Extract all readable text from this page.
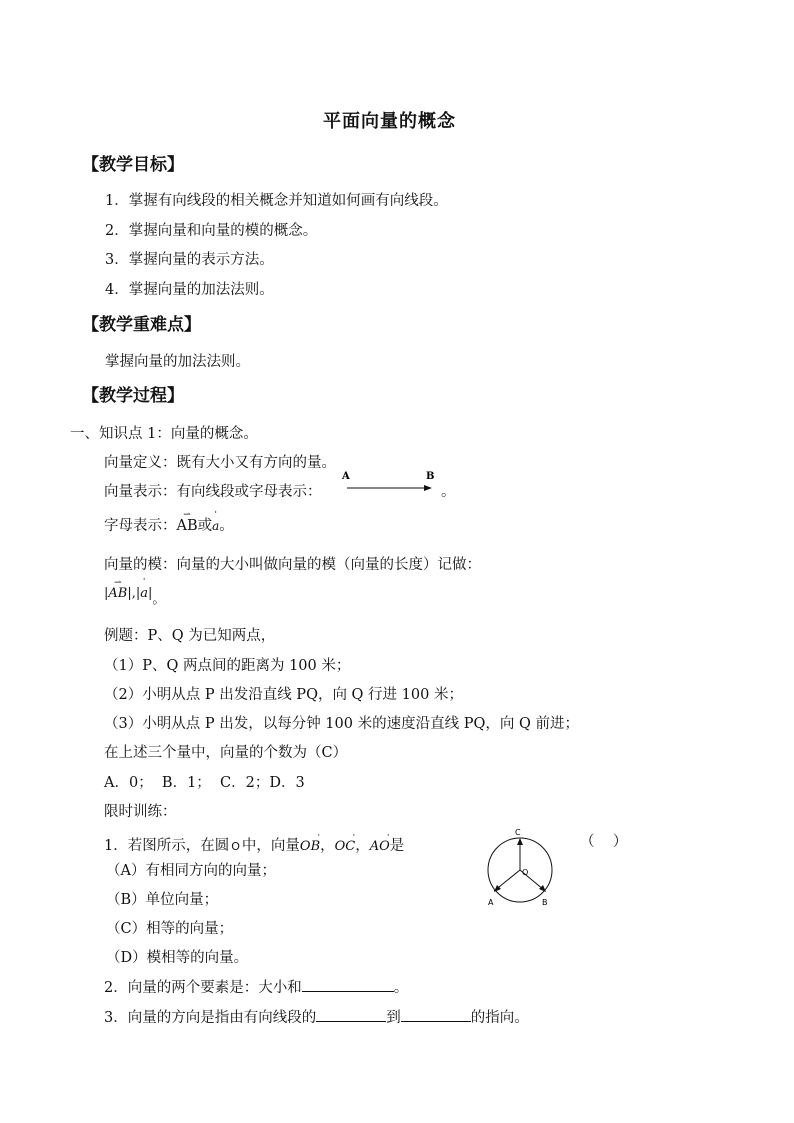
平面向量的概念
【教学目标】
1．掌握有向线段的相关概念并知道如何画有向线段。
2．掌握向量和向量的模的概念。
3．掌握向量的表示方法。
4．掌握向量的加法法则。
【教学重难点】
掌握向量的加法法则。
【教学过程】
一、知识点 1：向量的概念。
向量定义：既有大小又有方向的量。
向量表示：有向线段或字母表示：
A	B
。
字母表示：
⇀
AB或
ˈ
a。
向量的模：向量的大小叫做向量的模（向量的长度）记做：
|
⇀
AB|,|
ˈ
a|。
例题：P、Q 为已知两点，
（1）P、Q 两点间的距离为 100 米；
（2）小明从点 P 出发沿直线 PQ，向 Q 行进 100 米；
（3）小明从点 P 出发，以每分钟 100 米的速度沿直线 PQ，向 Q 前进；
在上述三个量中，向量的个数为（C）
A．0；  B．1；  C．2；D．3
限时训练：
1．若图所示，在圆 O 中，向量
·
OB，
·
OC，
·
AO是	（    ）
（A）有相同方向的向量；
（B）单位向量；
（C）相等的向量；
（D）模相等的向量。
C
O
A	B
2．向量的两个要素是：大小和	。
3．向量的方向是指由有向线段的	到	的指向。
